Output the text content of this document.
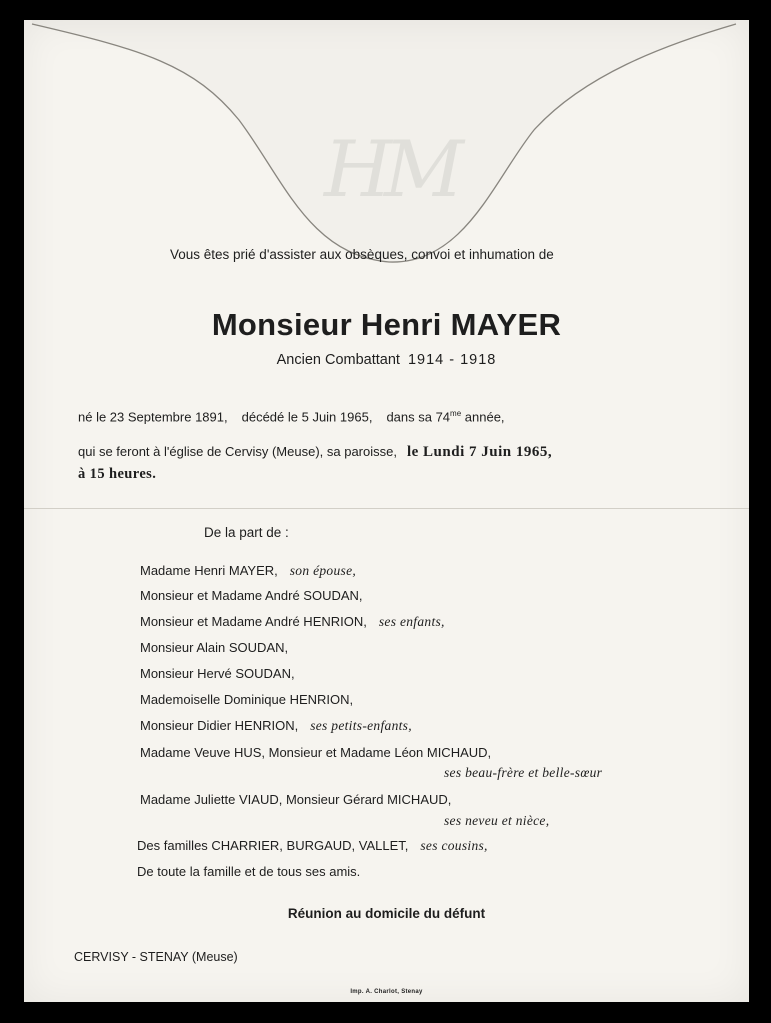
HM
Vous êtes prié d'assister aux obsèques, convoi et inhumation de
Monsieur Henri MAYER
Ancien Combattant 1914 - 1918
né le 23 Septembre 1891, décédé le 5 Juin 1965, dans sa $74^{me}$ année,
qui se feront à l'église de Cervisy (Meuse), sa paroisse, le Lundi 7 Juin 1965,
à 15 heures.
De la part de :
Madame Henri MAYER, son épouse,
Monsieur et Madame André SOUDAN,
Monsieur et Madame André HENRION, ses enfants,
Monsieur Alain SOUDAN,
Monsieur Hervé SOUDAN,
Mademoiselle Dominique HENRION,
Monsieur Didier HENRION, ses petits-enfants,
Madame Veuve HUS, Monsieur et Madame Léon MICHAUD,
ses beau-frère et belle-sœur
Madame Juliette VIAUD, Monsieur Gérard MICHAUD,
ses neveu et nièce,
Des familles CHARRIER, BURGAUD, VALLET, ses cousins,
De toute la famille et de tous ses amis.
Réunion au domicile du défunt
CERVISY - STENAY (Meuse)
Imp. A. Charlot, Stenay
